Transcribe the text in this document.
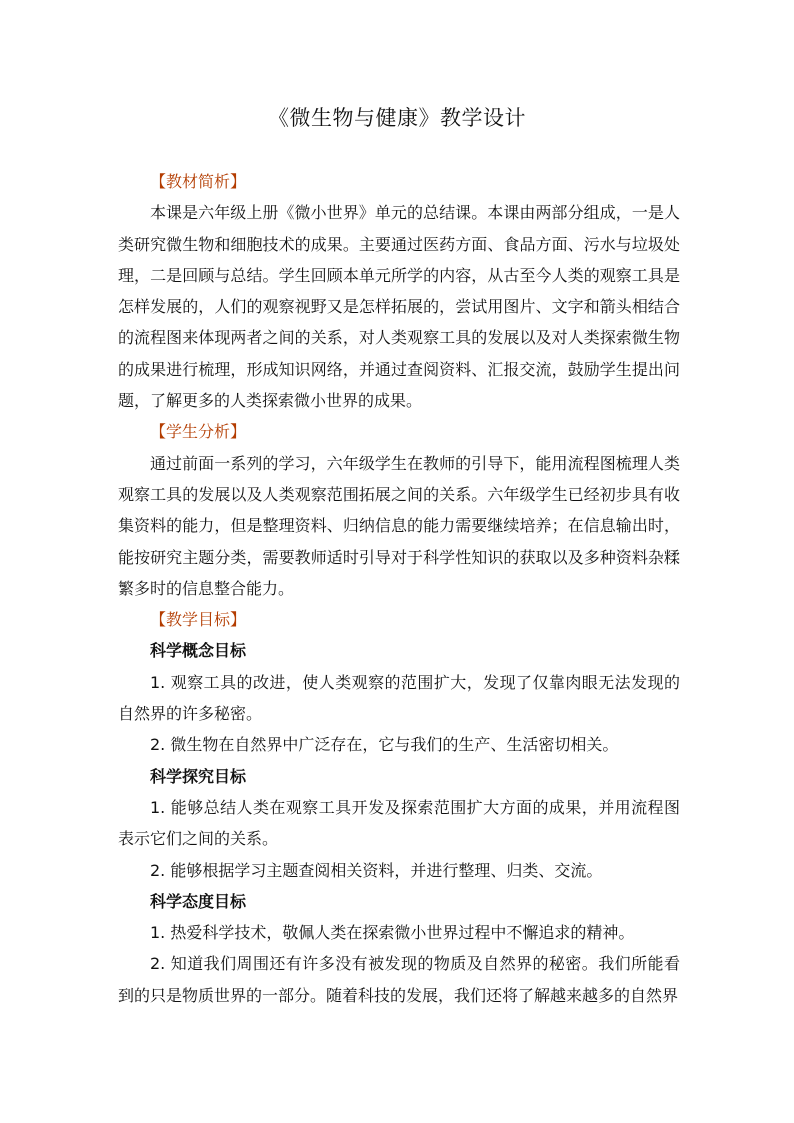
《微生物与健康》教学设计

【教材简析】

本课是六年级上册《微小世界》单元的总结课。本课由两部分组成，一是人类研究微生物和细胞技术的成果。主要通过医药方面、食品方面、污水与垃圾处理，二是回顾与总结。学生回顾本单元所学的内容，从古至今人类的观察工具是怎样发展的，人们的观察视野又是怎样拓展的，尝试用图片、文字和箭头相结合的流程图来体现两者之间的关系，对人类观察工具的发展以及对人类探索微生物的成果进行梳理，形成知识网络，并通过查阅资料、汇报交流，鼓励学生提出问题，了解更多的人类探索微小世界的成果。

【学生分析】

通过前面一系列的学习，六年级学生在教师的引导下，能用流程图梳理人类观察工具的发展以及人类观察范围拓展之间的关系。六年级学生已经初步具有收集资料的能力，但是整理资料、归纳信息的能力需要继续培养；在信息输出时，能按研究主题分类，需要教师适时引导对于科学性知识的获取以及多种资料杂糅繁多时的信息整合能力。

【教学目标】

科学概念目标

1. 观察工具的改进，使人类观察的范围扩大，发现了仅靠肉眼无法发现的自然界的许多秘密。

2. 微生物在自然界中广泛存在，它与我们的生产、生活密切相关。

科学探究目标

1. 能够总结人类在观察工具开发及探索范围扩大方面的成果，并用流程图表示它们之间的关系。

2. 能够根据学习主题查阅相关资料，并进行整理、归类、交流。

科学态度目标

1. 热爱科学技术，敬佩人类在探索微小世界过程中不懈追求的精神。

2. 知道我们周围还有许多没有被发现的物质及自然界的秘密。我们所能看到的只是物质世界的一部分。随着科技的发展，我们还将了解越来越多的自然界
